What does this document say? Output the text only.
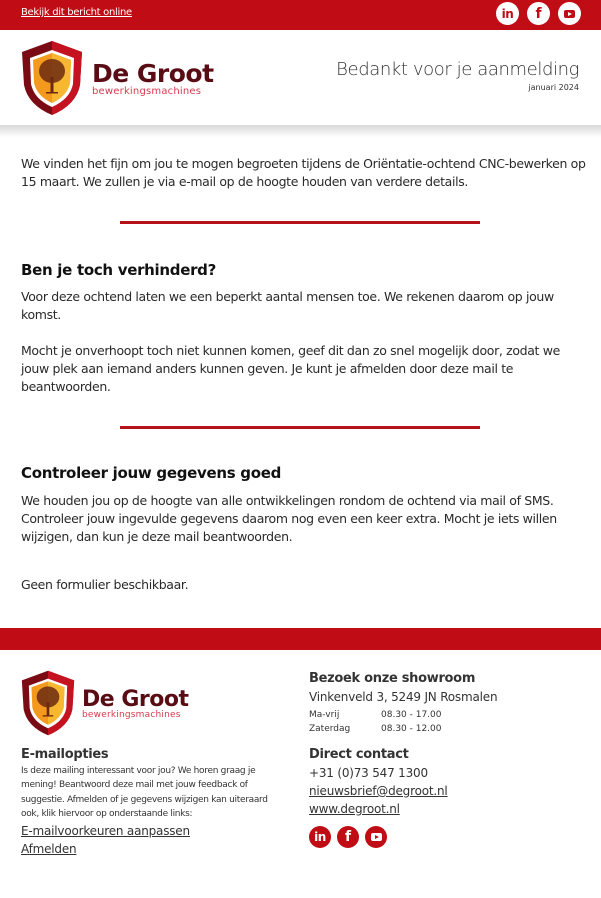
Bekijk dit bericht online	in f
De Groot
bewerkingsmachines
Bedankt voor je aanmelding
januari 2024

We vinden het fijn om jou te mogen begroeten tijdens de Oriëntatie-ochtend CNC-bewerken op 15 maart. We zullen je via e-mail op de hoogte houden van verdere details.

Ben je toch verhinderd?

Voor deze ochtend laten we een beperkt aantal mensen toe. We rekenen daarom op jouw komst.

Mocht je onverhoopt toch niet kunnen komen, geef dit dan zo snel mogelijk door, zodat we jouw plek aan iemand anders kunnen geven. Je kunt je afmelden door deze mail te beantwoorden.

Controleer jouw gegevens goed

We houden jou op de hoogte van alle ontwikkelingen rondom de ochtend via mail of SMS. Controleer jouw ingevulde gegevens daarom nog even een keer extra. Mocht je iets willen wijzigen, dan kun je deze mail beantwoorden.

Geen formulier beschikbaar.

De Groot
bewerkingsmachines
E-mailopties
Is deze mailing interessant voor jou? We horen graag je mening! Beantwoord deze mail met jouw feedback of suggestie. Afmelden of je gegevens wijzigen kan uiteraard ook, klik hiervoor op onderstaande links:
E-mailvoorkeuren aanpassen
Afmelden
Bezoek onze showroom
Vinkenveld 3, 5249 JN Rosmalen
Ma-vrij	08.30 - 17.00
Zaterdag	08.30 - 12.00
Direct contact
+31 (0)73 547 1300
nieuwsbrief@degroot.nl
www.degroot.nl
in f
